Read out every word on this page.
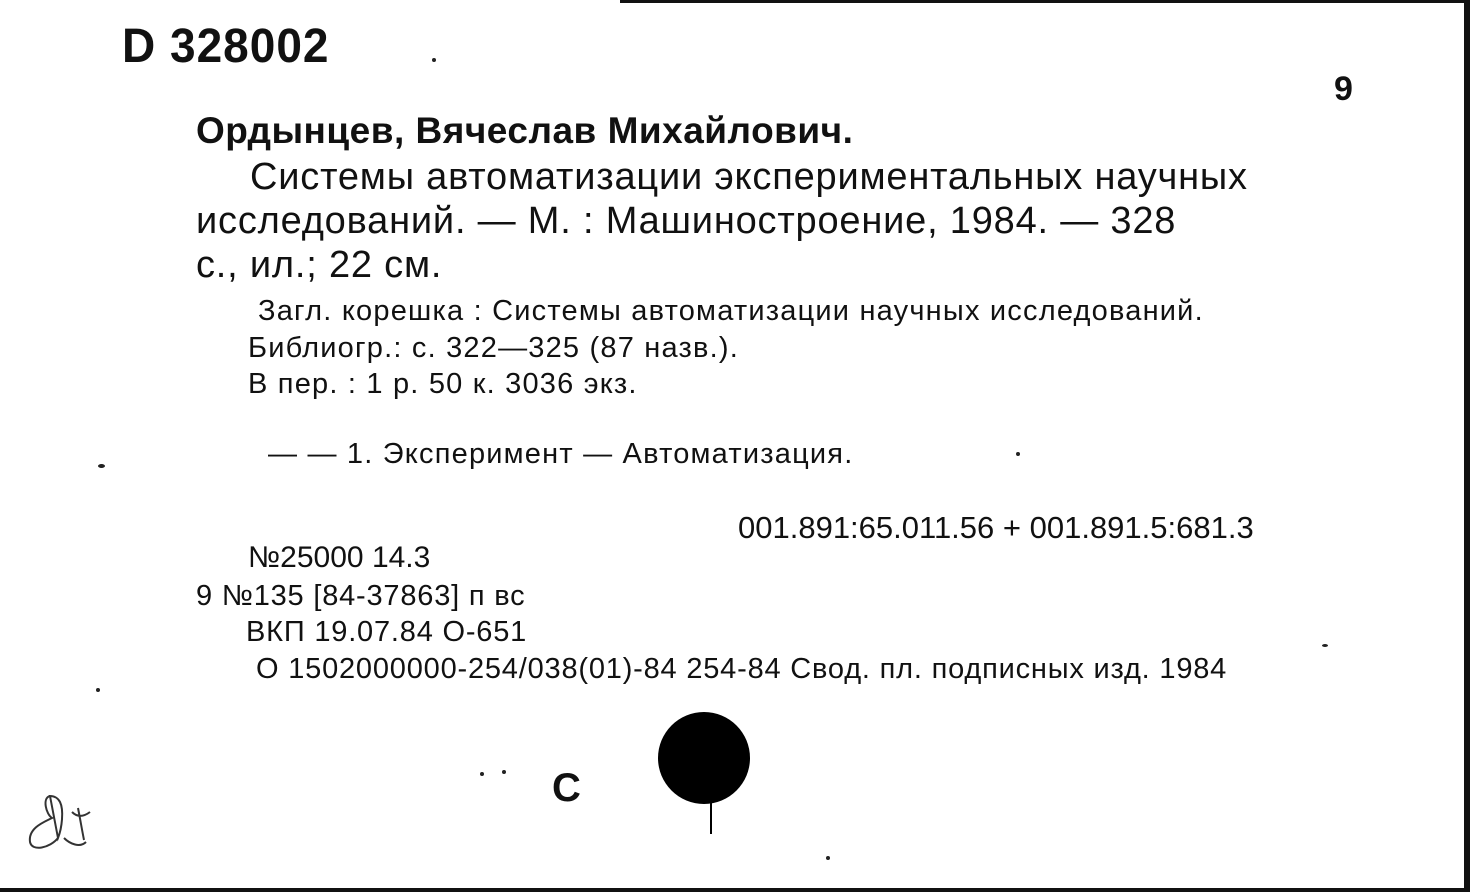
D 328002
9
Ордынцев, Вячеслав Михайлович.
Системы автоматизации экспериментальных научных
исследований. — М. : Машиностроение, 1984. — 328
с., ил.; 22 см.
Загл. корешка : Системы автоматизации научных исследований.
Библиогр.: с. 322—325 (87 назв.).
В пер. : 1 р. 50 к. 3036 экз.
— — 1. Эксперимент — Автоматизация.
001.891:65.011.56 + 001.891.5:681.3
№25000 14.3
9 №135 [84-37863] п вс
ВКП 19.07.84 О-651
О 1502000000-254/038(01)-84 254-84 Свод. пл. подписных изд. 1984
С
